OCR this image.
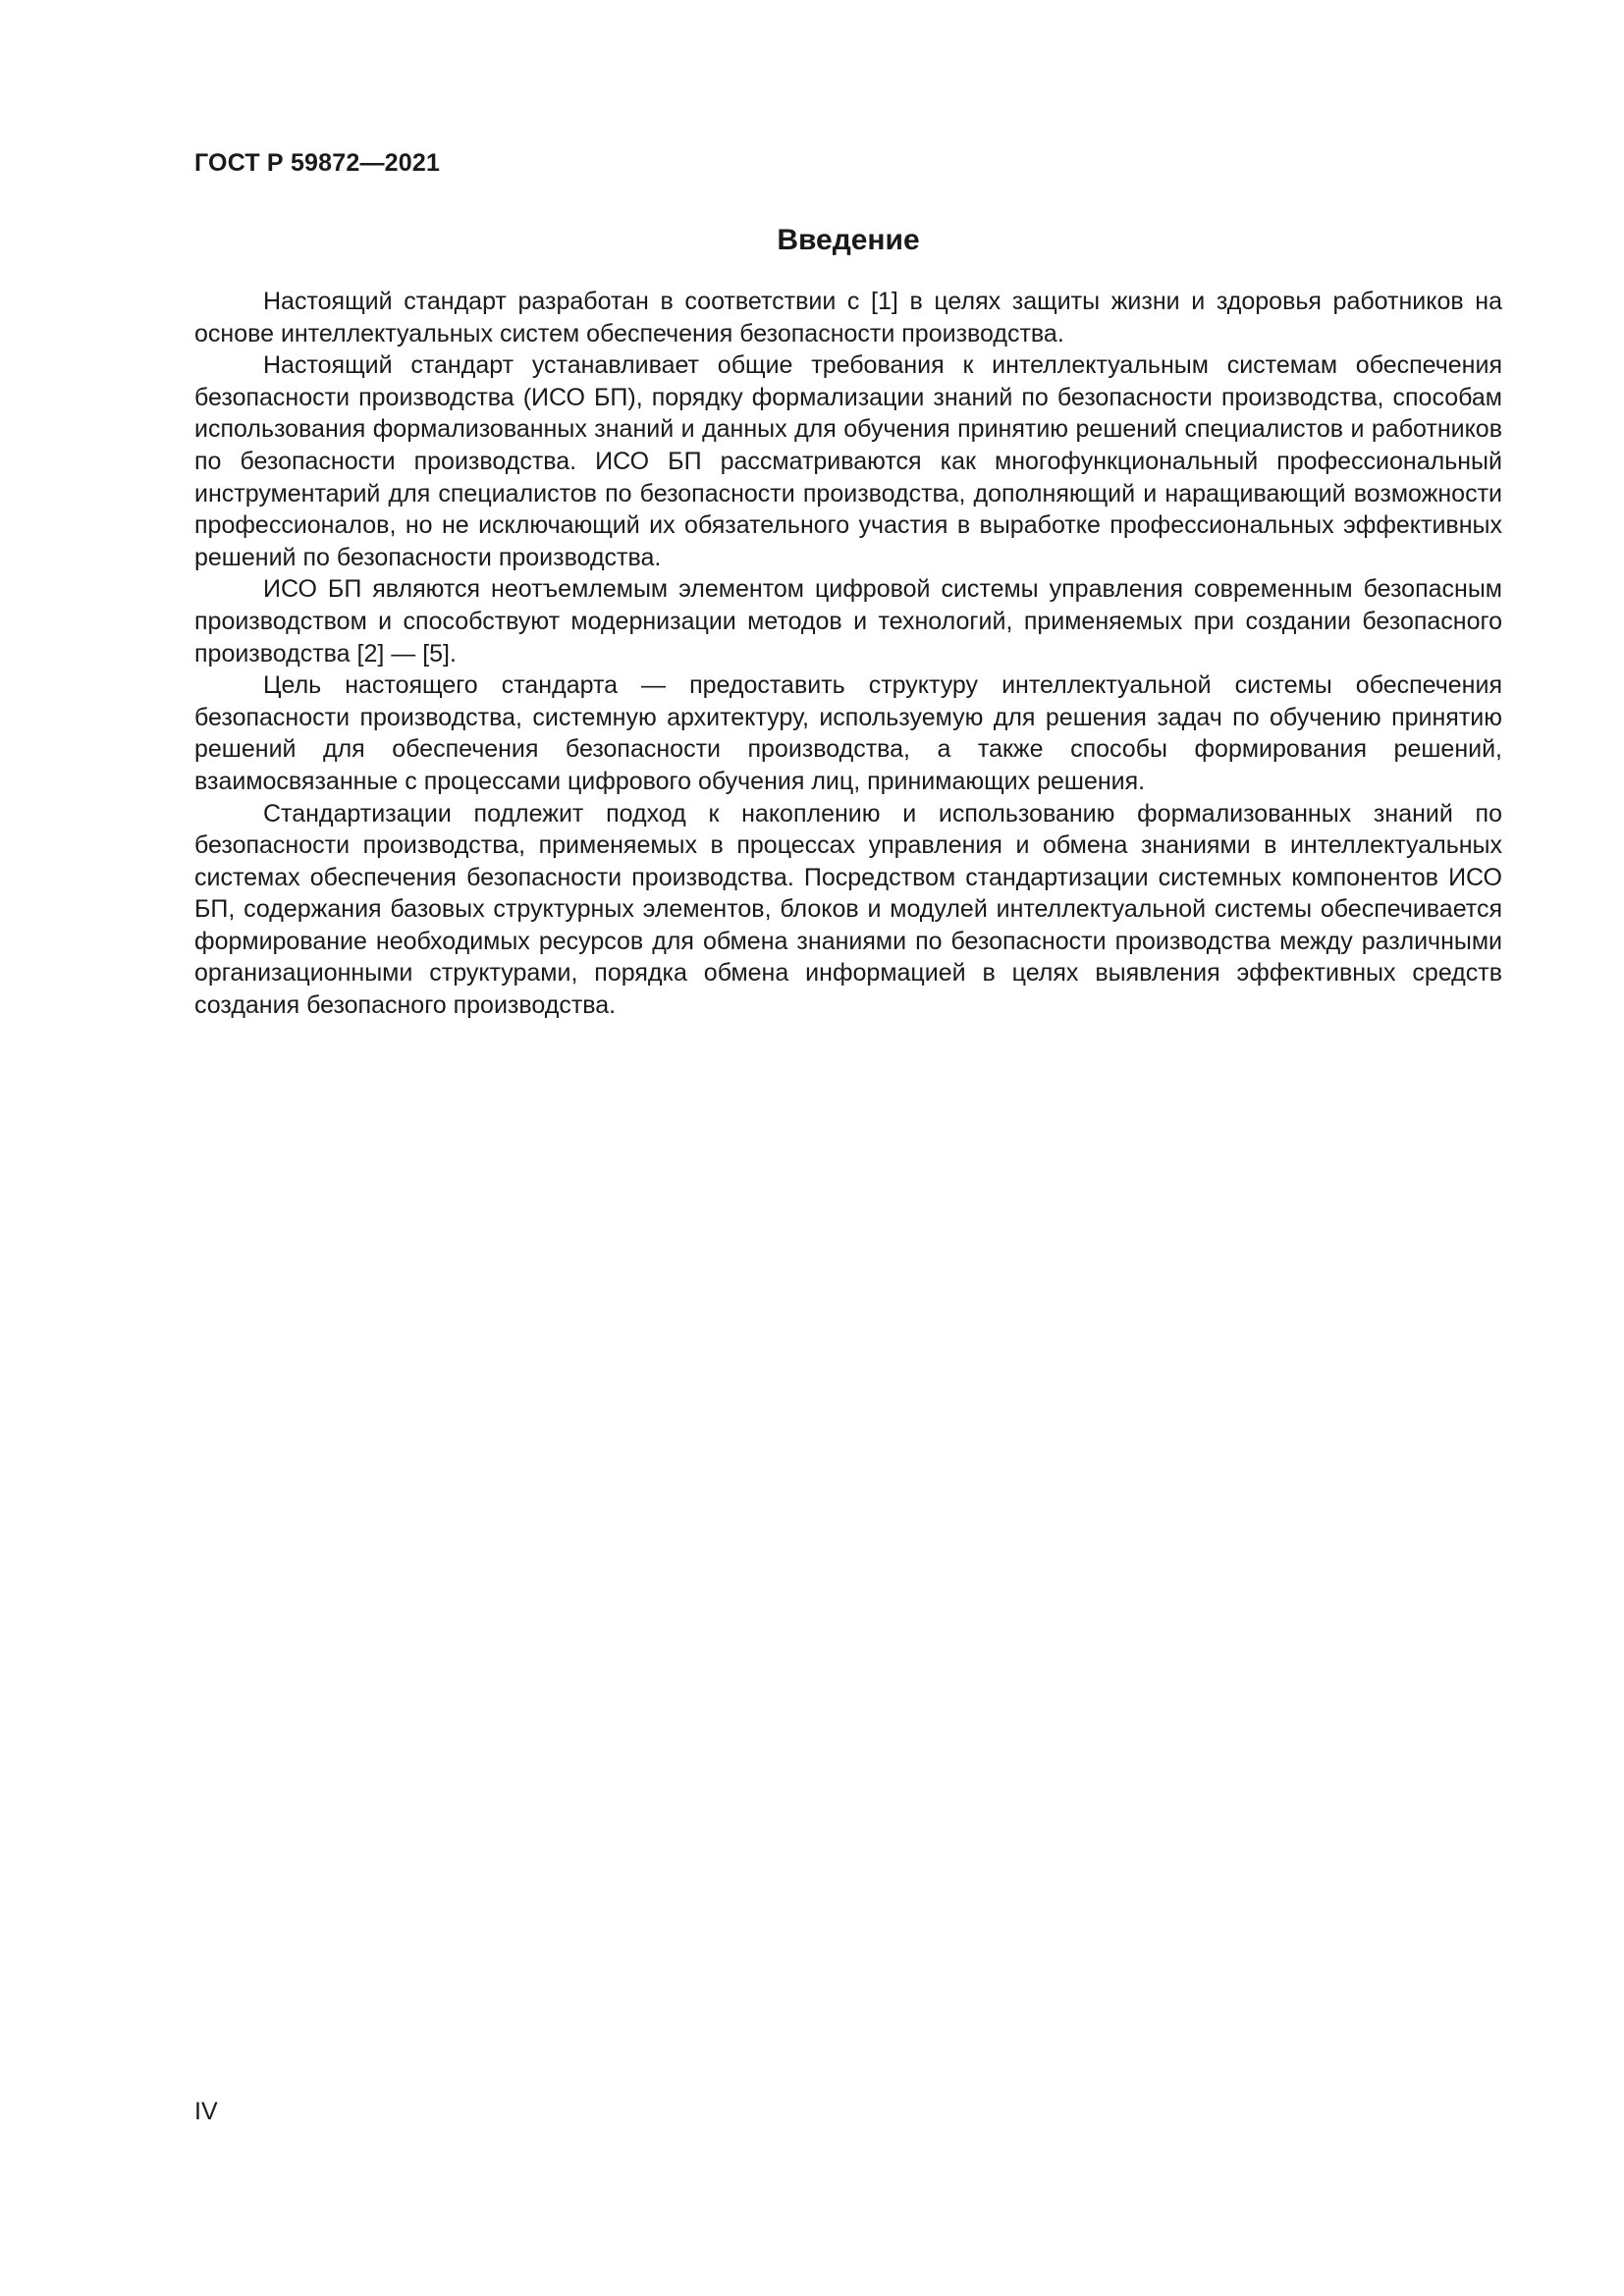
ГОСТ Р 59872—2021

Введение

Настоящий стандарт разработан в соответствии с [1] в целях защиты жизни и здоровья работников на основе интеллектуальных систем обеспечения безопасности производства.

Настоящий стандарт устанавливает общие требования к интеллектуальным системам обеспечения безопасности производства (ИСО БП), порядку формализации знаний по безопасности производства, способам использования формализованных знаний и данных для обучения принятию решений специалистов и работников по безопасности производства. ИСО БП рассматриваются как многофункциональный профессиональный инструментарий для специалистов по безопасности производства, дополняющий и наращивающий возможности профессионалов, но не исключающий их обязательного участия в выработке профессиональных эффективных решений по безопасности производства.

ИСО БП являются неотъемлемым элементом цифровой системы управления современным безопасным производством и способствуют модернизации методов и технологий, применяемых при создании безопасного производства [2] — [5].

Цель настоящего стандарта — предоставить структуру интеллектуальной системы обеспечения безопасности производства, системную архитектуру, используемую для решения задач по обучению принятию решений для обеспечения безопасности производства, а также способы формирования решений, взаимосвязанные с процессами цифрового обучения лиц, принимающих решения.

Стандартизации подлежит подход к накоплению и использованию формализованных знаний по безопасности производства, применяемых в процессах управления и обмена знаниями в интеллектуальных системах обеспечения безопасности производства. Посредством стандартизации системных компонентов ИСО БП, содержания базовых структурных элементов, блоков и модулей интеллектуальной системы обеспечивается формирование необходимых ресурсов для обмена знаниями по безопасности производства между различными организационными структурами, порядка обмена информацией в целях выявления эффективных средств создания безопасного производства.

IV
